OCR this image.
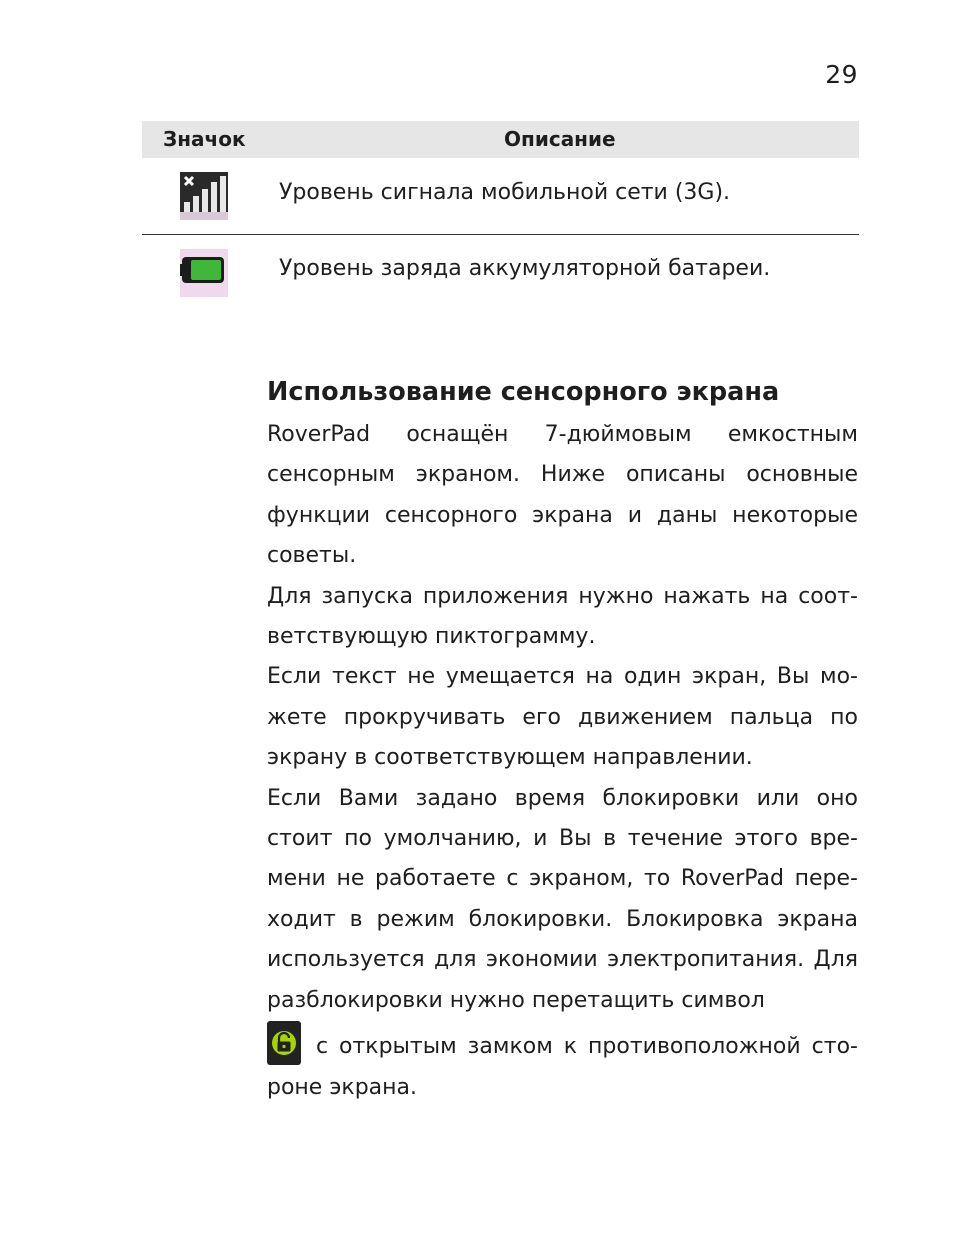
29
Значок	Описание
Уровень сигнала мобильной сети (3G).
Уровень заряда аккумуляторной батареи.
Использование сенсорного экрана

RoverPad оснащён 7-дюймовым емкостным сенсорным экраном. Ниже описаны основные функции сенсорного экрана и даны некоторые советы.

Для запуска приложения нужно нажать на соответствующую пиктограмму.

Если текст не умещается на один экран, Вы можете прокручивать его движением пальца по экрану в соответствующем направлении.

Если Вами задано время блокировки или оно стоит по умолчанию, и Вы в течение этого времени не работаете с экраном, то RoverPad переходит в режим блокировки. Блокировка экрана используется для экономии электропитания. Для разблокировки нужно перетащить символ
с открытым замком к противоположной стороне экрана.
